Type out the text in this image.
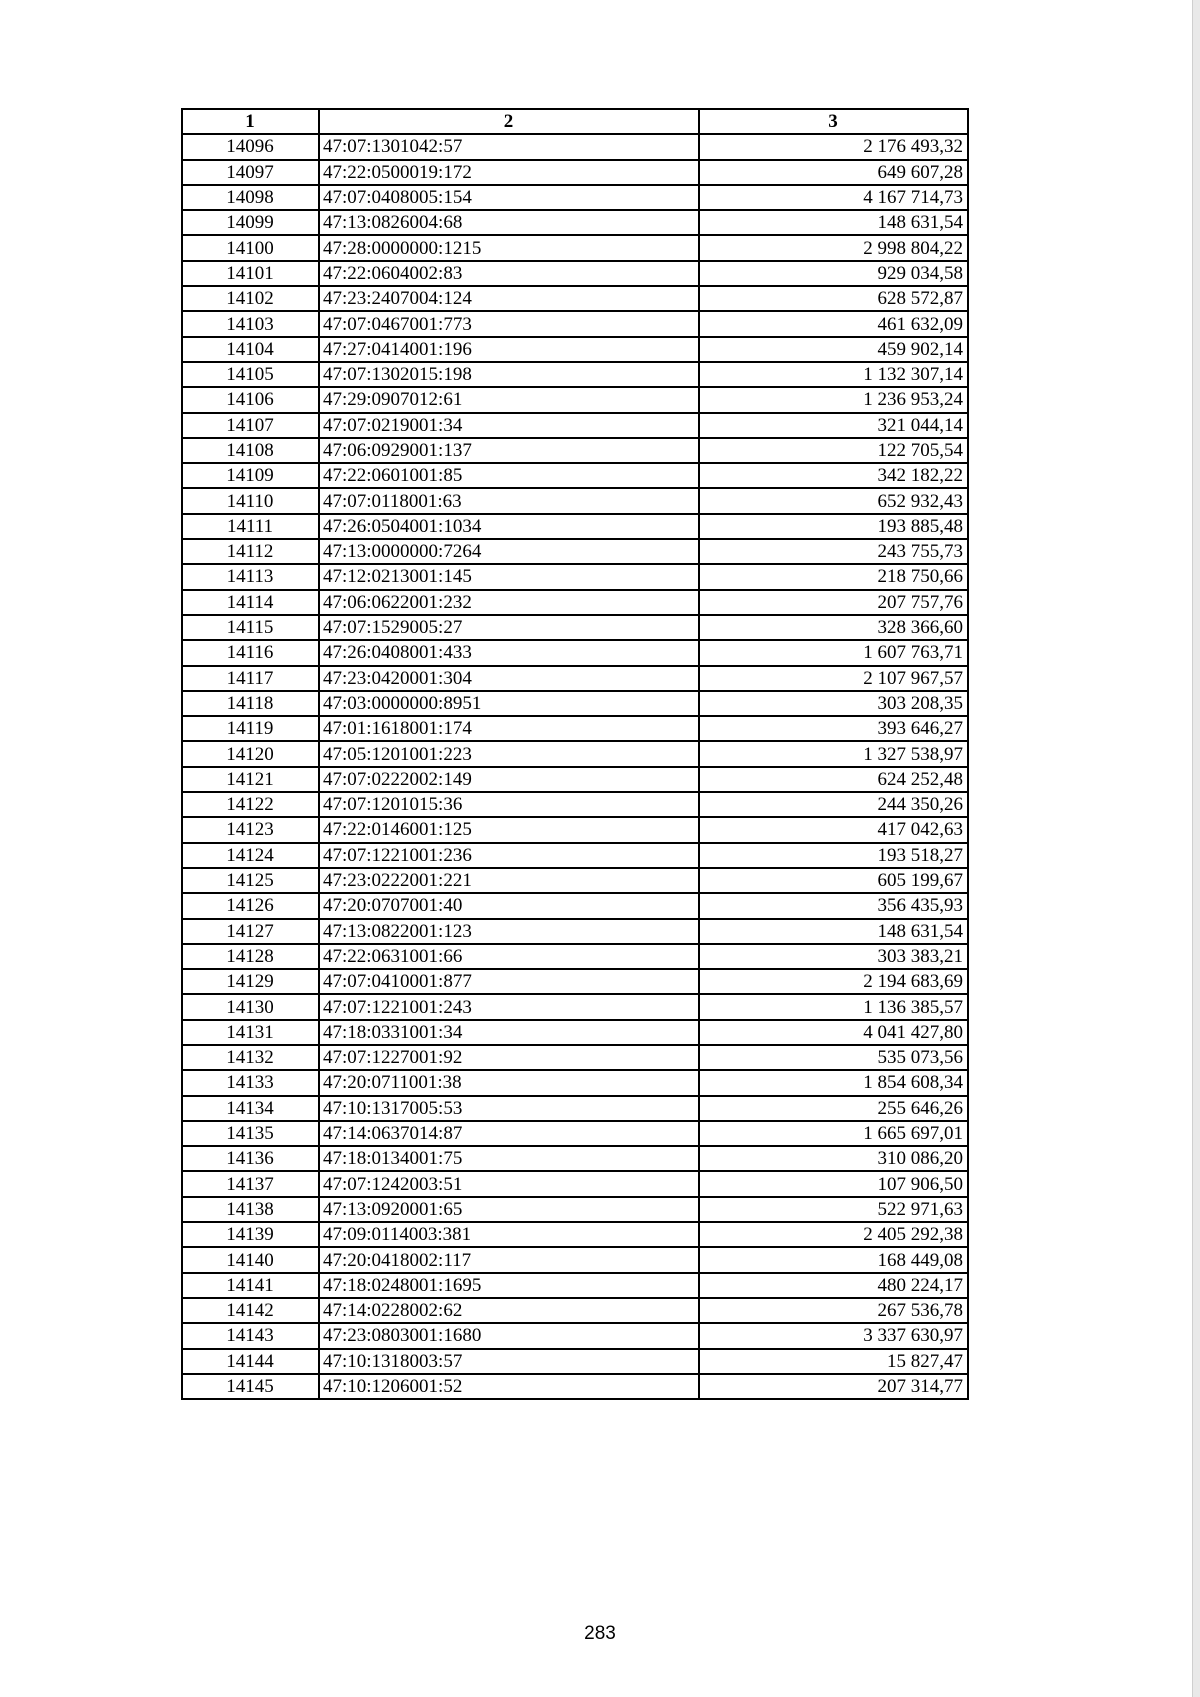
1	2	3
14096	47:07:1301042:57	2 176 493,32
14097	47:22:0500019:172	649 607,28
14098	47:07:0408005:154	4 167 714,73
14099	47:13:0826004:68	148 631,54
14100	47:28:0000000:1215	2 998 804,22
14101	47:22:0604002:83	929 034,58
14102	47:23:2407004:124	628 572,87
14103	47:07:0467001:773	461 632,09
14104	47:27:0414001:196	459 902,14
14105	47:07:1302015:198	1 132 307,14
14106	47:29:0907012:61	1 236 953,24
14107	47:07:0219001:34	321 044,14
14108	47:06:0929001:137	122 705,54
14109	47:22:0601001:85	342 182,22
14110	47:07:0118001:63	652 932,43
14111	47:26:0504001:1034	193 885,48
14112	47:13:0000000:7264	243 755,73
14113	47:12:0213001:145	218 750,66
14114	47:06:0622001:232	207 757,76
14115	47:07:1529005:27	328 366,60
14116	47:26:0408001:433	1 607 763,71
14117	47:23:0420001:304	2 107 967,57
14118	47:03:0000000:8951	303 208,35
14119	47:01:1618001:174	393 646,27
14120	47:05:1201001:223	1 327 538,97
14121	47:07:0222002:149	624 252,48
14122	47:07:1201015:36	244 350,26
14123	47:22:0146001:125	417 042,63
14124	47:07:1221001:236	193 518,27
14125	47:23:0222001:221	605 199,67
14126	47:20:0707001:40	356 435,93
14127	47:13:0822001:123	148 631,54
14128	47:22:0631001:66	303 383,21
14129	47:07:0410001:877	2 194 683,69
14130	47:07:1221001:243	1 136 385,57
14131	47:18:0331001:34	4 041 427,80
14132	47:07:1227001:92	535 073,56
14133	47:20:0711001:38	1 854 608,34
14134	47:10:1317005:53	255 646,26
14135	47:14:0637014:87	1 665 697,01
14136	47:18:0134001:75	310 086,20
14137	47:07:1242003:51	107 906,50
14138	47:13:0920001:65	522 971,63
14139	47:09:0114003:381	2 405 292,38
14140	47:20:0418002:117	168 449,08
14141	47:18:0248001:1695	480 224,17
14142	47:14:0228002:62	267 536,78
14143	47:23:0803001:1680	3 337 630,97
14144	47:10:1318003:57	15 827,47
14145	47:10:1206001:52	207 314,77
283
